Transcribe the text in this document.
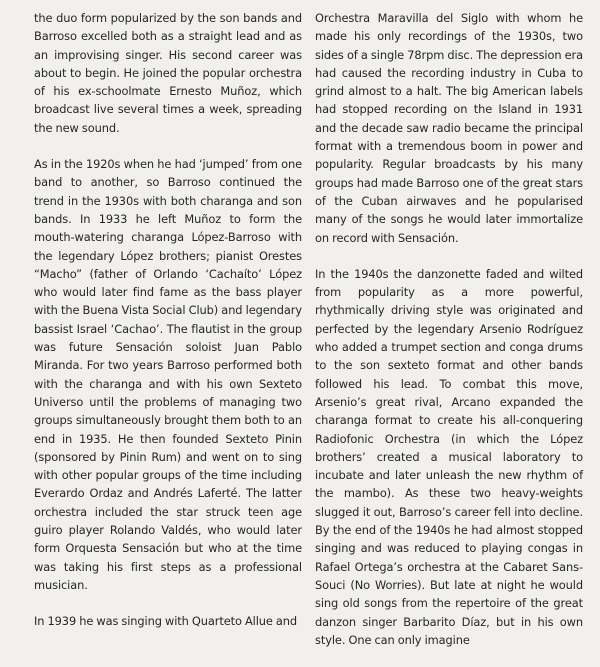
the duo form popularized by the son bands and Barroso excelled both as a straight lead and as an improvising singer. His second career was about to begin. He joined the popular orchestra of his ex-schoolmate Ernesto Muñoz, which broadcast live several times a week, spreading the new sound.

As in the 1920s when he had ‘jumped’ from one band to another, so Barroso continued the trend in the 1930s with both charanga and son bands. In 1933 he left Muñoz to form the mouth-watering charanga López-Barroso with the legendary López brothers; pianist Orestes “Macho” (father of Orlando ‘Cachaíto’ López who would later find fame as the bass player with the Buena Vista Social Club) and legendary bassist Israel ‘Cachao’. The flautist in the group was future Sensación soloist Juan Pablo Miranda. For two years Barroso performed both with the charanga and with his own Sexteto Universo until the problems of managing two groups simultaneously brought them both to an end in 1935. He then founded Sexteto Pinin (sponsored by Pinin Rum) and went on to sing with other popular groups of the time including Everardo Ordaz and Andrés Laferté. The latter orchestra included the star struck teen age guiro player Rolando Valdés, who would later form Orquesta Sensación but who at the time was taking his first steps as a professional musician.

In 1939 he was singing with Quarteto Allue and

Orchestra Maravilla del Siglo with whom he made his only recordings of the 1930s, two sides of a single 78rpm disc. The depression era had caused the recording industry in Cuba to grind almost to a halt. The big American labels had stopped recording on the Island in 1931 and the decade saw radio became the principal format with a tremendous boom in power and popularity. Regular broadcasts by his many groups had made Barroso one of the great stars of the Cuban airwaves and he popularised many of the songs he would later immortalize on record with Sensación.

In the 1940s the danzonette faded and wilted from popularity as a more powerful, rhythmically driving style was originated and perfected by the legendary Arsenio Rodríguez who added a trumpet section and conga drums to the son sexteto format and other bands followed his lead. To combat this move, Arsenio’s great rival, Arcano expanded the charanga format to create his all-conquering Radiofonic Orchestra (in which the López brothers’ created a musical laboratory to incubate and later unleash the new rhythm of the mambo). As these two heavy-weights slugged it out, Barroso’s career fell into decline. By the end of the 1940s he had almost stopped singing and was reduced to playing congas in Rafael Ortega’s orchestra at the Cabaret Sans-Souci (No Worries). But late at night he would sing old songs from the repertoire of the great danzon singer Barbarito Díaz, but in his own style. One can only imagine
